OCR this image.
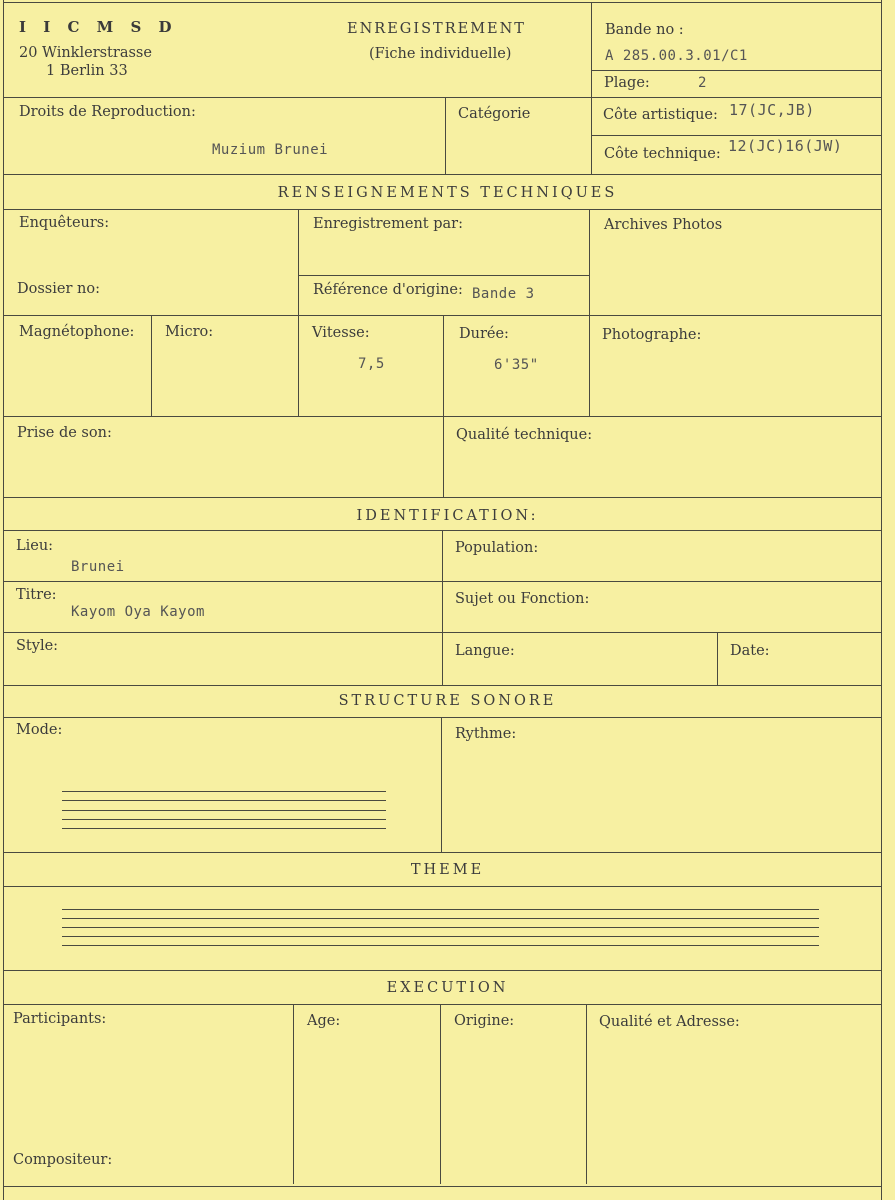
I I C M S D
20 Winklerstrasse
1 Berlin 33
ENREGISTREMENT
(Fiche individuelle)
Bande no :
A 285.00.3.01/C1
Plage:	2
Droits de Reproduction:
Muzium Brunei
Catégorie	Côte artistique: 17(JC,JB)
Côte technique: 12(JC)16(JW)
RENSEIGNEMENTS TECHNIQUES
Enquêteurs:	Enregistrement par:	Archives Photos
Dossier no:	Référence d'origine: Bande 3
Magnétophone: Micro:	Vitesse:
7,5
Durée:
6'35"
Photographe:
Prise de son:	Qualité technique:
IDENTIFICATION:
Lieu:
Brunei
Population:
Titre:
Kayom Oya Kayom
Sujet ou Fonction:
Style:	Langue:	Date:
STRUCTURE SONORE
Mode:	Rythme:
THEME
EXECUTION
Participants:	Age:	Origine:	Qualité et Adresse:
Compositeur:
